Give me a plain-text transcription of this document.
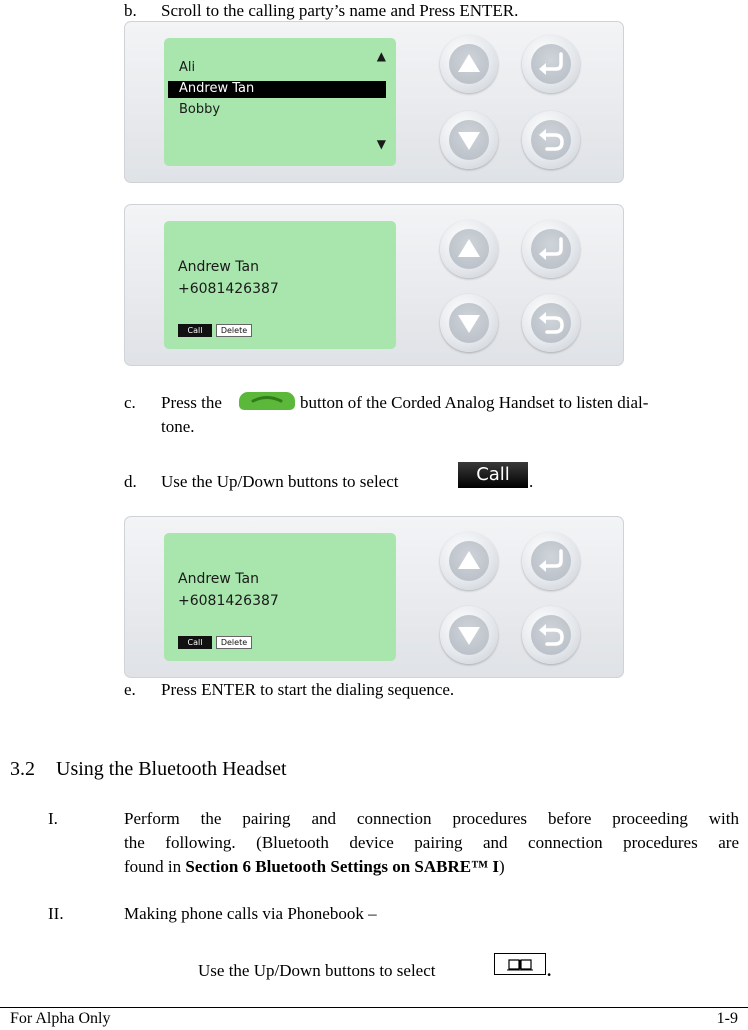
b. Scroll to the calling party’s name and Press ENTER.
Ali
Andrew Tan
Bobby
▲
▼
Andrew Tan
+6081426387
Call	Delete
c. Press the	button of the Corded Analog Handset to listen dial-
tone.
d. Use the Up/Down buttons to select	Call	.
Andrew Tan
+6081426387
Call	Delete
e. Press ENTER to start the dialing sequence.
3.2 Using the Bluetooth Headset
I.	Perform the pairing and connection procedures before proceeding with
the following. (Bluetooth device pairing and connection procedures are
found in Section 6 Bluetooth Settings on SABRE™ I)
II.	Making phone calls via Phonebook –
Use the Up/Down buttons to select	.
For Alpha Only	1-9
